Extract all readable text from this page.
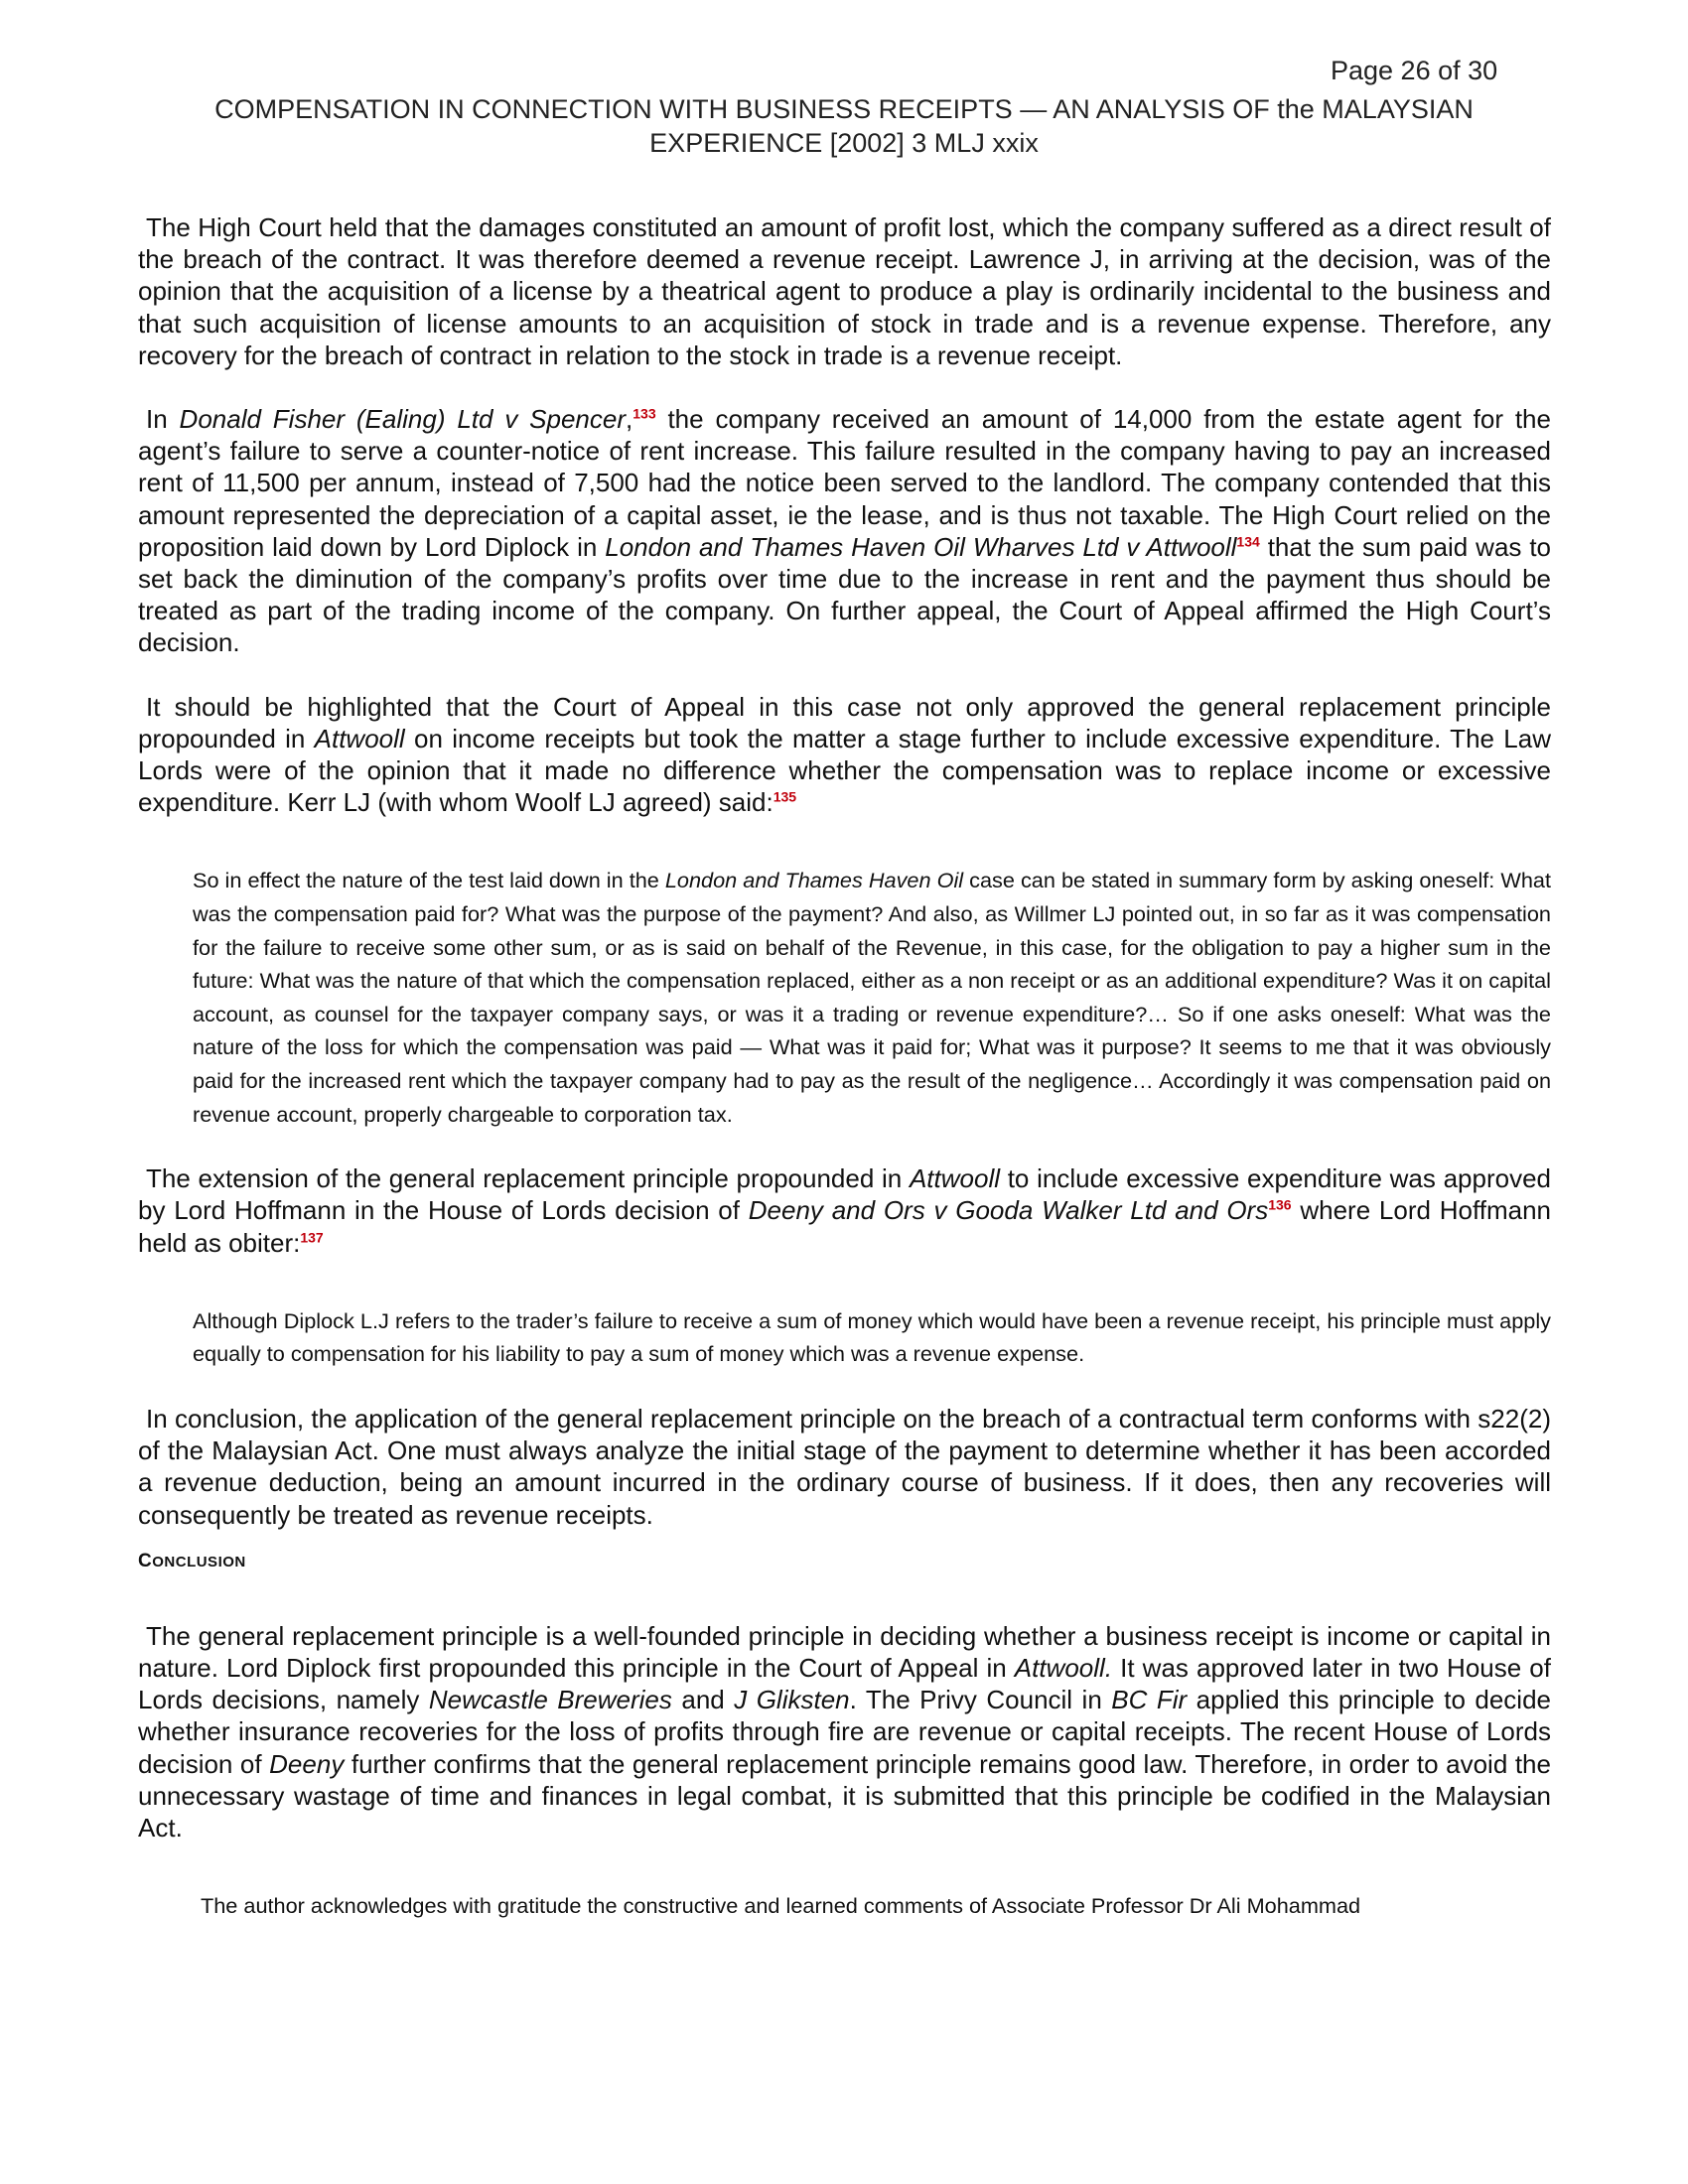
Page 26 of 30
COMPENSATION IN CONNECTION WITH BUSINESS RECEIPTS — AN ANALYSIS OF the MALAYSIAN
EXPERIENCE [2002] 3 MLJ xxix

The High Court held that the damages constituted an amount of profit lost, which the company suffered as a direct result of the breach of the contract. It was therefore deemed a revenue receipt. Lawrence J, in arriving at the decision, was of the opinion that the acquisition of a license by a theatrical agent to produce a play is ordinarily incidental to the business and that such acquisition of license amounts to an acquisition of stock in trade and is a revenue expense. Therefore, any recovery for the breach of contract in relation to the stock in trade is a revenue receipt.

In Donald Fisher (Ealing) Ltd v Spencer,$^{133}$ the company received an amount of 14,000 from the estate agent for the agent’s failure to serve a counter-notice of rent increase. This failure resulted in the company having to pay an increased rent of 11,500 per annum, instead of 7,500 had the notice been served to the landlord. The company contended that this amount represented the depreciation of a capital asset, ie the lease, and is thus not taxable. The High Court relied on the proposition laid down by Lord Diplock in London and Thames Haven Oil Wharves Ltd v Attwooll$^{134}$ that the sum paid was to set back the diminution of the company’s profits over time due to the increase in rent and the payment thus should be treated as part of the trading income of the company. On further appeal, the Court of Appeal affirmed the High Court’s decision.

It should be highlighted that the Court of Appeal in this case not only approved the general replacement principle propounded in Attwooll on income receipts but took the matter a stage further to include excessive expenditure. The Law Lords were of the opinion that it made no difference whether the compensation was to replace income or excessive expenditure. Kerr LJ (with whom Woolf LJ agreed) said:$^{135}$

So in effect the nature of the test laid down in the London and Thames Haven Oil case can be stated in summary form by asking oneself: What was the compensation paid for? What was the purpose of the payment? And also, as Willmer LJ pointed out, in so far as it was compensation for the failure to receive some other sum, or as is said on behalf of the Revenue, in this case, for the obligation to pay a higher sum in the future: What was the nature of that which the compensation replaced, either as a non receipt or as an additional expenditure? Was it on capital account, as counsel for the taxpayer company says, or was it a trading or revenue expenditure?… So if one asks oneself: What was the nature of the loss for which the compensation was paid — What was it paid for; What was it purpose? It seems to me that it was obviously paid for the increased rent which the taxpayer company had to pay as the result of the negligence… Accordingly it was compensation paid on revenue account, properly chargeable to corporation tax.

The extension of the general replacement principle propounded in Attwooll to include excessive expenditure was approved by Lord Hoffmann in the House of Lords decision of Deeny and Ors v Gooda Walker Ltd and Ors$^{136}$ where Lord Hoffmann held as obiter:$^{137}$

Although Diplock L.J refers to the trader’s failure to receive a sum of money which would have been a revenue receipt, his principle must apply equally to compensation for his liability to pay a sum of money which was a revenue expense.

In conclusion, the application of the general replacement principle on the breach of a contractual term conforms with s22(2) of the Malaysian Act. One must always analyze the initial stage of the payment to determine whether it has been accorded a revenue deduction, being an amount incurred in the ordinary course of business. If it does, then any recoveries will consequently be treated as revenue receipts.

CONCLUSION

The general replacement principle is a well-founded principle in deciding whether a business receipt is income or capital in nature. Lord Diplock first propounded this principle in the Court of Appeal in Attwooll. It was approved later in two House of Lords decisions, namely Newcastle Breweries and J Gliksten. The Privy Council in BC Fir applied this principle to decide whether insurance recoveries for the loss of profits through fire are revenue or capital receipts. The recent House of Lords decision of Deeny further confirms that the general replacement principle remains good law. Therefore, in order to avoid the unnecessary wastage of time and finances in legal combat, it is submitted that this principle be codified in the Malaysian Act.

The author acknowledges with gratitude the constructive and learned comments of Associate Professor Dr Ali Mohammad
